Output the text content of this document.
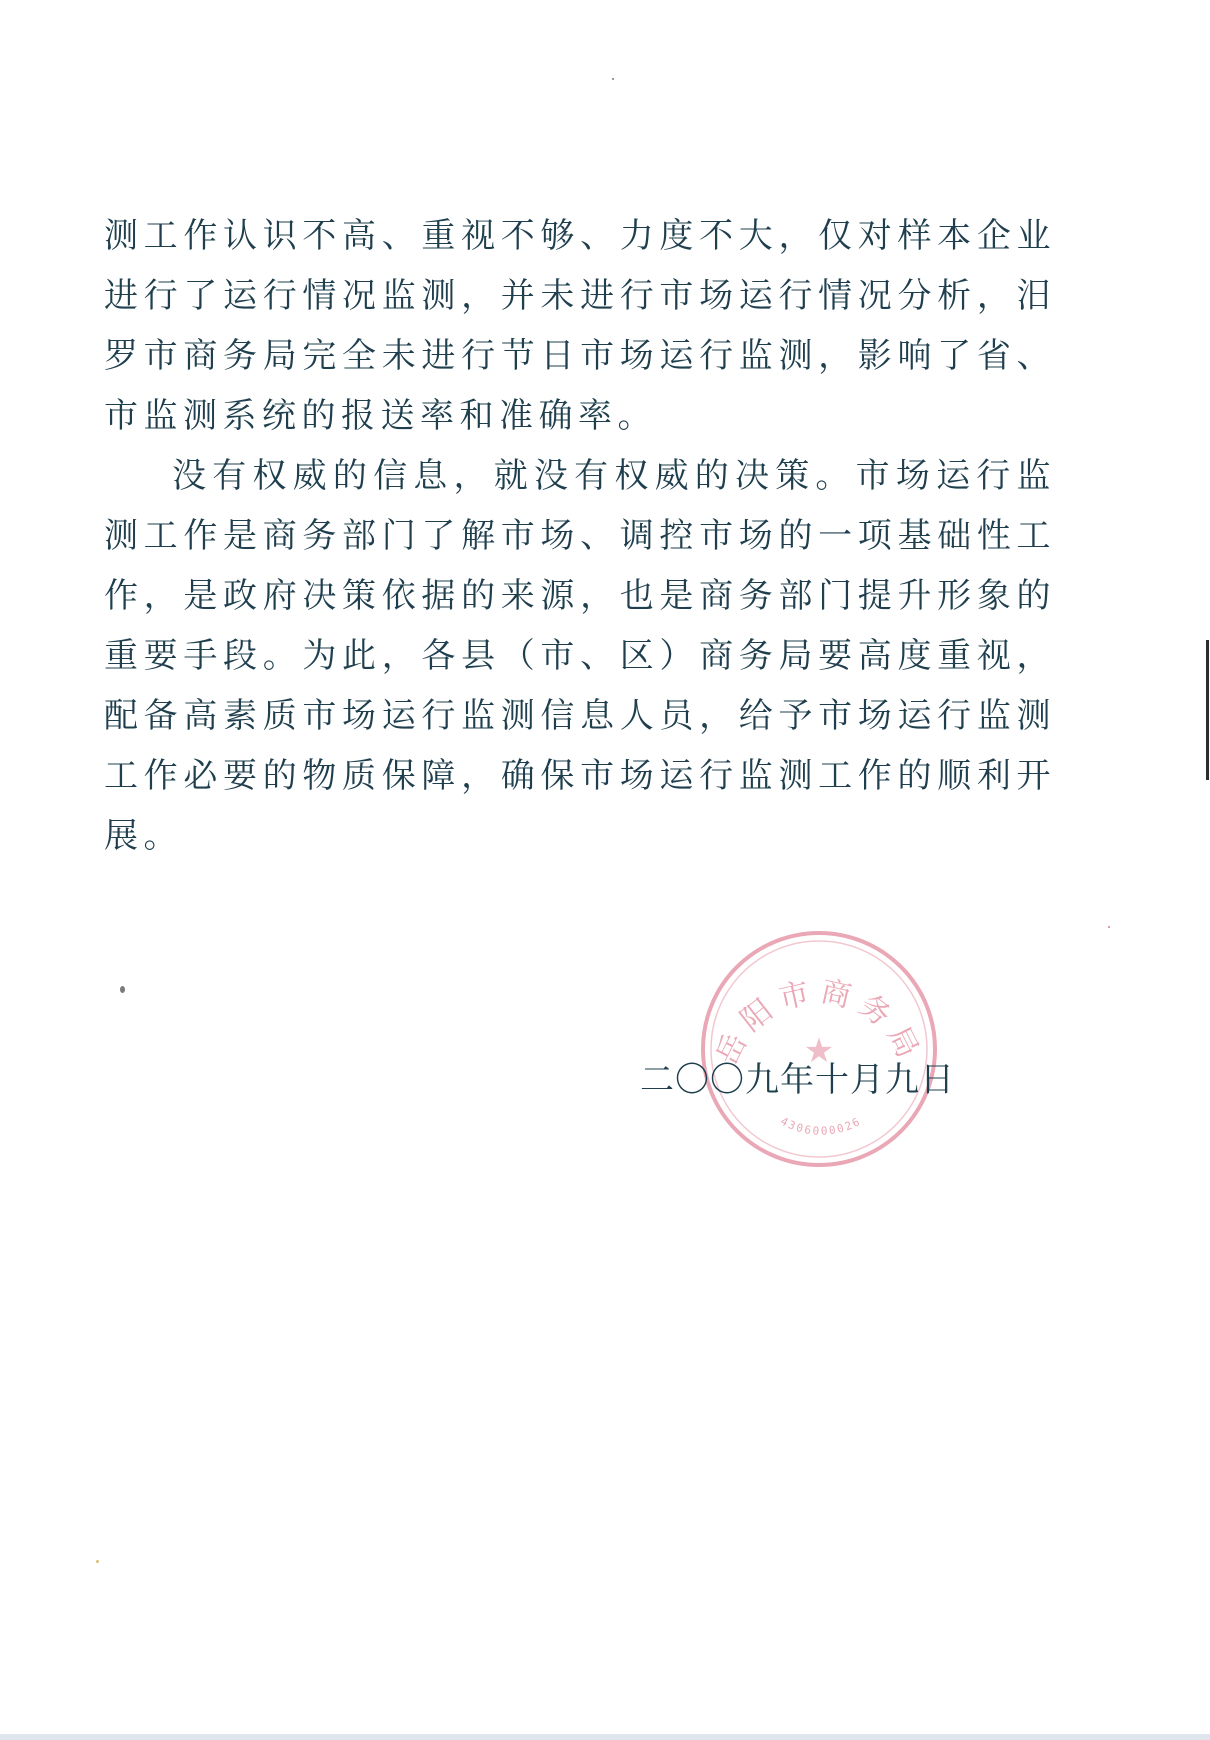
测工作认识不高、重视不够、力度不大，仅对样本企业进行了运行情况监测，并未进行市场运行情况分析，汨罗市商务局完全未进行节日市场运行监测，影响了省、市监测系统的报送率和准确率。

没有权威的信息，就没有权威的决策。市场运行监测工作是商务部门了解市场、调控市场的一项基础性工作，是政府决策依据的来源，也是商务部门提升形象的重要手段。为此，各县（市、区）商务局要高度重视，配备高素质市场运行监测信息人员，给予市场运行监测工作必要的物质保障，确保市场运行监测工作的顺利开展。

岳阳市商务局
★
4306000026
二〇〇九年十月九日
